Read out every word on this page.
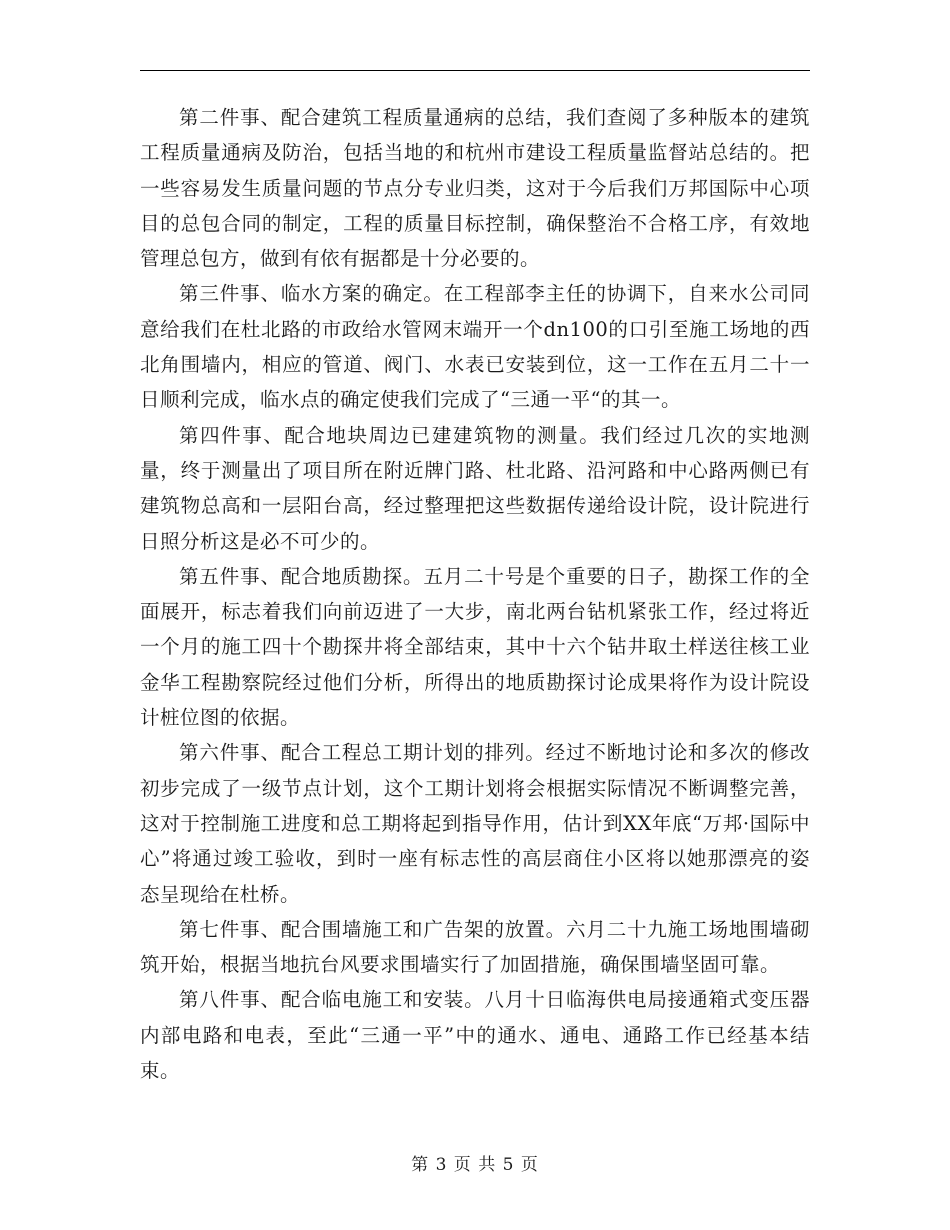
第二件事、配合建筑工程质量通病的总结，我们查阅了多种版本的建筑工程质量通病及防治，包括当地的和杭州市建设工程质量监督站总结的。把一些容易发生质量问题的节点分专业归类，这对于今后我们万邦国际中心项目的总包合同的制定，工程的质量目标控制，确保整治不合格工序，有效地管理总包方，做到有依有据都是十分必要的。

第三件事、临水方案的确定。在工程部李主任的协调下，自来水公司同意给我们在杜北路的市政给水管网末端开一个dn100的口引至施工场地的西北角围墙内，相应的管道、阀门、水表已安装到位，这一工作在五月二十一日顺利完成，临水点的确定使我们完成了“三通一平“的其一。

第四件事、配合地块周边已建建筑物的测量。我们经过几次的实地测量，终于测量出了项目所在附近牌门路、杜北路、沿河路和中心路两侧已有建筑物总高和一层阳台高，经过整理把这些数据传递给设计院，设计院进行日照分析这是必不可少的。

第五件事、配合地质勘探。五月二十号是个重要的日子，勘探工作的全面展开，标志着我们向前迈进了一大步，南北两台钻机紧张工作，经过将近一个月的施工四十个勘探井将全部结束，其中十六个钻井取土样送往核工业金华工程勘察院经过他们分析，所得出的地质勘探讨论成果将作为设计院设计桩位图的依据。

第六件事、配合工程总工期计划的排列。经过不断地讨论和多次的修改初步完成了一级节点计划，这个工期计划将会根据实际情况不断调整完善，这对于控制施工进度和总工期将起到指导作用，估计到XX年底“万邦·国际中心”将通过竣工验收，到时一座有标志性的高层商住小区将以她那漂亮的姿态呈现给在杜桥。

第七件事、配合围墙施工和广告架的放置。六月二十九施工场地围墙砌筑开始，根据当地抗台风要求围墙实行了加固措施，确保围墙坚固可靠。

第八件事、配合临电施工和安装。八月十日临海供电局接通箱式变压器内部电路和电表，至此“三通一平”中的通水、通电、通路工作已经基本结束。

第 3 页 共 5 页
